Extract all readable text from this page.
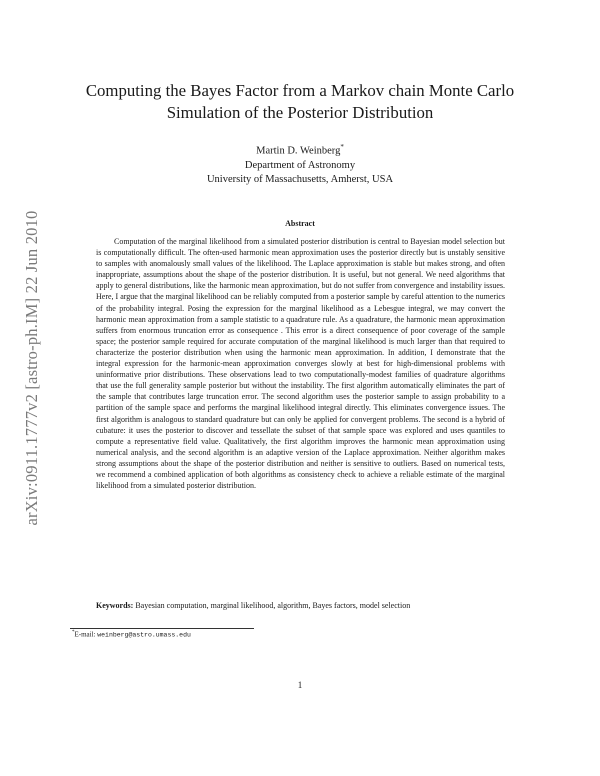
arXiv:0911.1777v2 [astro-ph.IM] 22 Jun 2010
Computing the Bayes Factor from a Markov chain Monte Carlo
Simulation of the Posterior Distribution
Martin D. Weinberg*
Department of Astronomy
University of Massachusetts, Amherst, USA
Abstract

Computation of the marginal likelihood from a simulated posterior distribution is central to Bayesian model selection but is computationally difficult. The often-used harmonic mean approximation uses the posterior directly but is unstably sensitive to samples with anomalously small values of the likelihood. The Laplace approximation is stable but makes strong, and often inappropriate, assumptions about the shape of the posterior distribution. It is useful, but not general. We need algorithms that apply to general distributions, like the harmonic mean approximation, but do not suffer from convergence and instability issues. Here, I argue that the marginal likelihood can be reliably computed from a posterior sample by careful attention to the numerics of the probability integral. Posing the expression for the marginal likelihood as a Lebesgue integral, we may convert the harmonic mean approximation from a sample statistic to a quadrature rule. As a quadrature, the harmonic mean approximation suffers from enormous truncation error as consequence . This error is a direct consequence of poor coverage of the sample space; the posterior sample required for accurate computation of the marginal likelihood is much larger than that required to characterize the posterior distribution when using the harmonic mean approximation. In addition, I demonstrate that the integral expression for the harmonic-mean approximation converges slowly at best for high-dimensional problems with uninformative prior distributions. These observations lead to two computationally-modest families of quadrature algorithms that use the full generality sample posterior but without the instability. The first algorithm automatically eliminates the part of the sample that contributes large truncation error. The second algorithm uses the posterior sample to assign probability to a partition of the sample space and performs the marginal likelihood integral directly. This eliminates convergence issues. The first algorithm is analogous to standard quadrature but can only be applied for convergent problems. The second is a hybrid of cubature: it uses the posterior to discover and tessellate the subset of that sample space was explored and uses quantiles to compute a representative field value. Qualitatively, the first algorithm improves the harmonic mean approximation using numerical analysis, and the second algorithm is an adaptive version of the Laplace approximation. Neither algorithm makes strong assumptions about the shape of the posterior distribution and neither is sensitive to outliers. Based on numerical tests, we recommend a combined application of both algorithms as consistency check to achieve a reliable estimate of the marginal likelihood from a simulated posterior distribution.

Keywords: Bayesian computation, marginal likelihood, algorithm, Bayes factors, model selection
*E-mail: weinberg@astro.umass.edu
1
